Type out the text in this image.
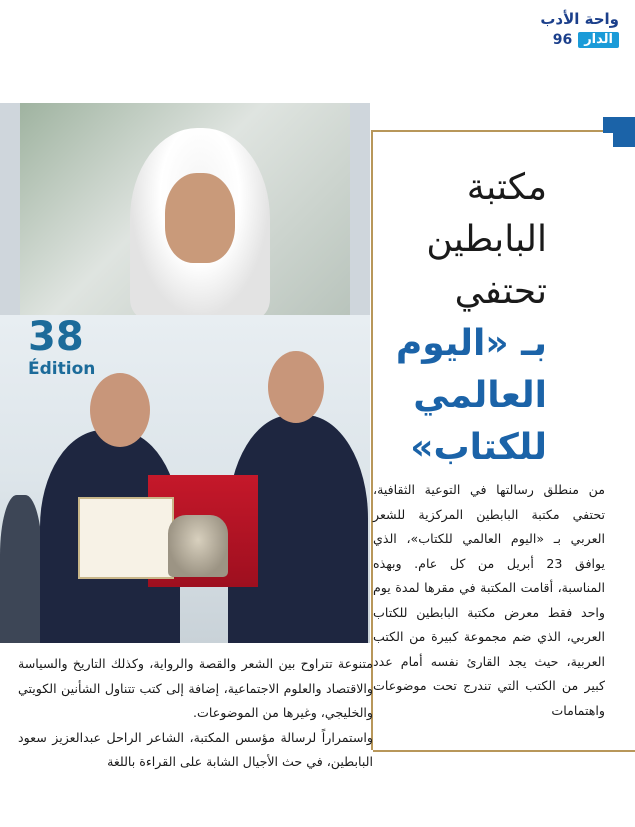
واحة الأدب
96 الدار
38
Édition
مكتبة
البابطين
تحتفي
بـ «اليوم
العالمي
للكتاب»

من منطلق رسالتها في التوعية الثقافية، تحتفي مكتبة البابطين المركزية للشعر العربي بـ «اليوم العالمي للكتاب»، الذي يوافق 23 أبريل من كل عام. وبهذه المناسبة، أقامت المكتبة في مقرها لمدة يوم واحد فقط معرض مكتبة البابطين للكتاب العربي، الذي ضم مجموعة كبيرة من الكتب العربية، حيث يجد القارئ نفسه أمام عدد كبير من الكتب التي تندرج تحت موضوعات واهتمامات

متنوعة تتراوح بين الشعر والقصة والرواية، وكذلك التاريخ والسياسة والاقتصاد والعلوم الاجتماعية، إضافة إلى كتب تتناول الشأنين الكويتي والخليجي، وغيرها من الموضوعات.

واستمراراً لرسالة مؤسس المكتبة، الشاعر الراحل عبدالعزيز سعود البابطين، في حث الأجيال الشابة على القراءة باللغة
